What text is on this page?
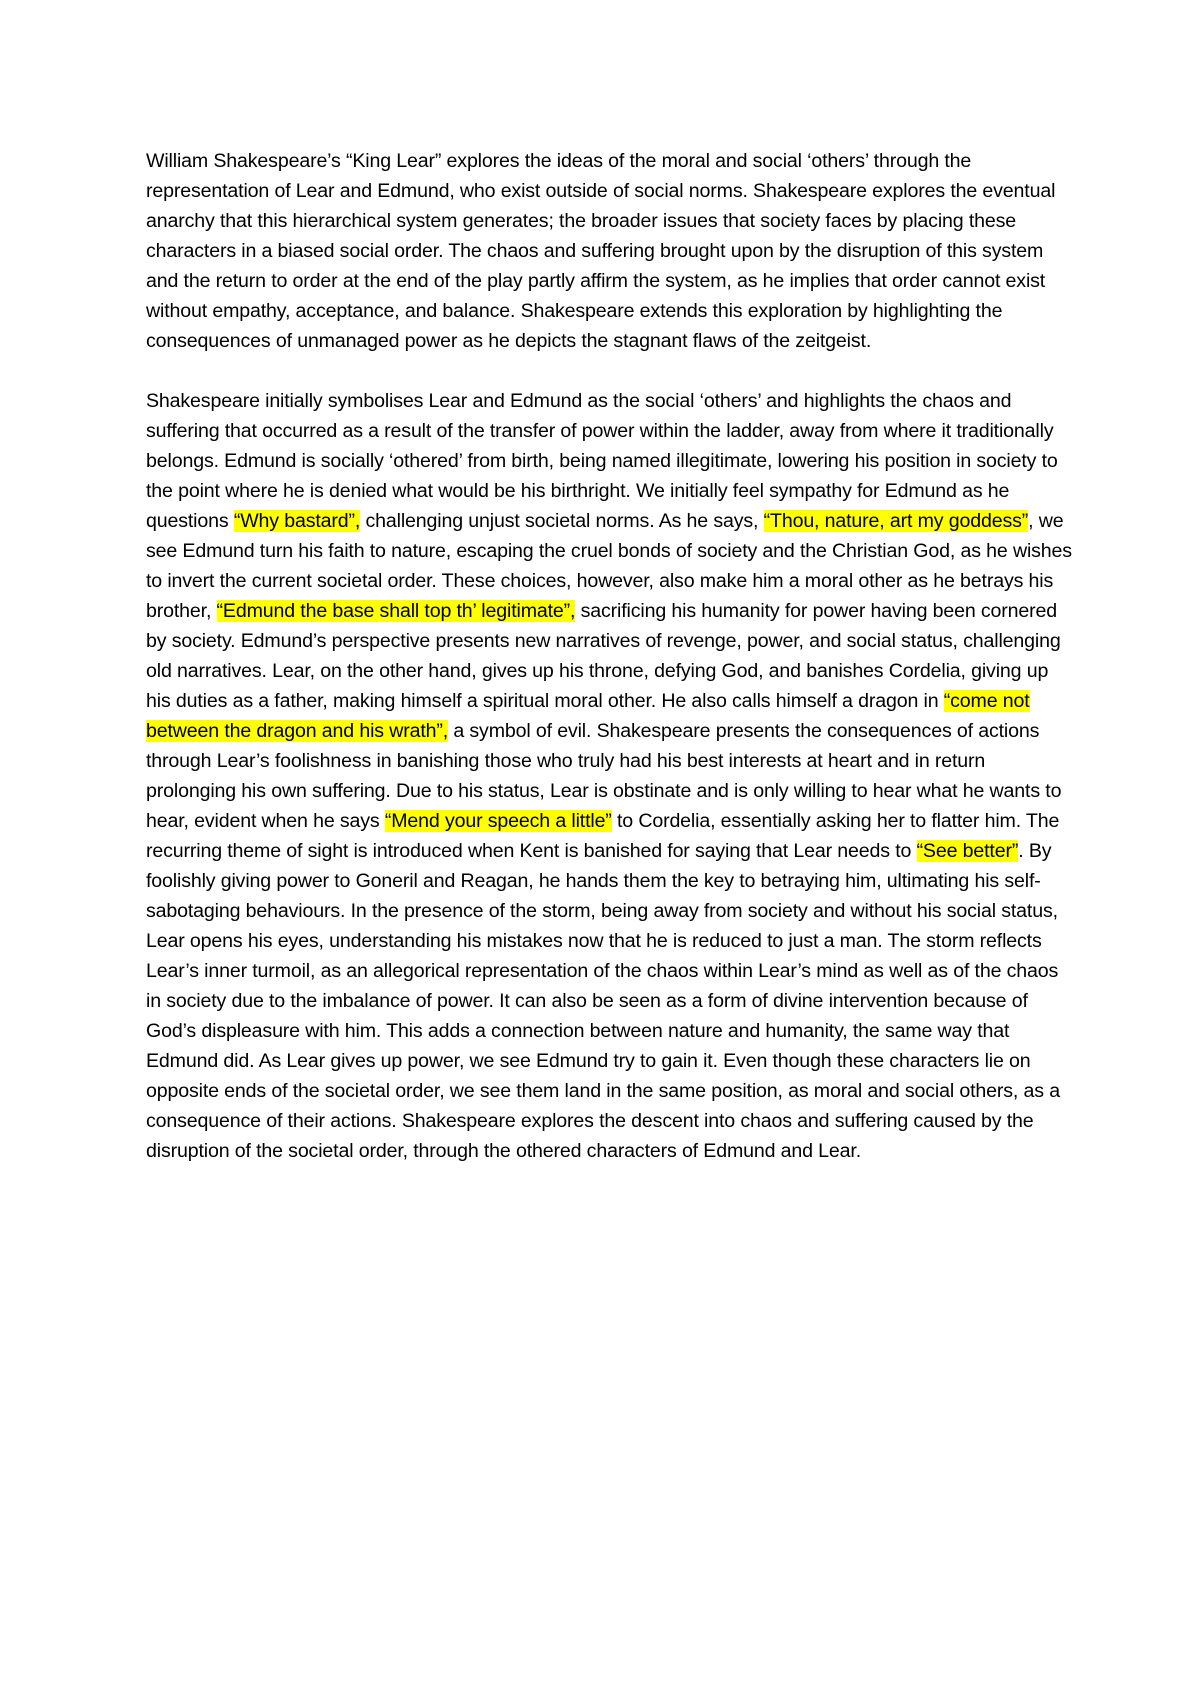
William Shakespeare’s “King Lear” explores the ideas of the moral and social ‘others’ through the representation of Lear and Edmund, who exist outside of social norms. Shakespeare explores the eventual anarchy that this hierarchical system generates; the broader issues that society faces by placing these characters in a biased social order. The chaos and suffering brought upon by the disruption of this system and the return to order at the end of the play partly affirm the system, as he implies that order cannot exist without empathy, acceptance, and balance. Shakespeare extends this exploration by highlighting the consequences of unmanaged power as he depicts the stagnant flaws of the zeitgeist.

Shakespeare initially symbolises Lear and Edmund as the social ‘others’ and highlights the chaos and suffering that occurred as a result of the transfer of power within the ladder, away from where it traditionally belongs. Edmund is socially ‘othered’ from birth, being named illegitimate, lowering his position in society to the point where he is denied what would be his birthright. We initially feel sympathy for Edmund as he questions “Why bastard”, challenging unjust societal norms. As he says, “Thou, nature, art my goddess”, we see Edmund turn his faith to nature, escaping the cruel bonds of society and the Christian God, as he wishes to invert the current societal order. These choices, however, also make him a moral other as he betrays his brother, “Edmund the base shall top th’ legitimate”, sacrificing his humanity for power having been cornered by society. Edmund’s perspective presents new narratives of revenge, power, and social status, challenging old narratives. Lear, on the other hand, gives up his throne, defying God, and banishes Cordelia, giving up his duties as a father, making himself a spiritual moral other. He also calls himself a dragon in “come not between the dragon and his wrath”, a symbol of evil. Shakespeare presents the consequences of actions through Lear’s foolishness in banishing those who truly had his best interests at heart and in return prolonging his own suffering. Due to his status, Lear is obstinate and is only willing to hear what he wants to hear, evident when he says “Mend your speech a little” to Cordelia, essentially asking her to flatter him. The recurring theme of sight is introduced when Kent is banished for saying that Lear needs to “See better”. By foolishly giving power to Goneril and Reagan, he hands them the key to betraying him, ultimating his self-sabotaging behaviours. In the presence of the storm, being away from society and without his social status, Lear opens his eyes, understanding his mistakes now that he is reduced to just a man. The storm reflects Lear’s inner turmoil, as an allegorical representation of the chaos within Lear’s mind as well as of the chaos in society due to the imbalance of power. It can also be seen as a form of divine intervention because of God’s displeasure with him. This adds a connection between nature and humanity, the same way that Edmund did. As Lear gives up power, we see Edmund try to gain it. Even though these characters lie on opposite ends of the societal order, we see them land in the same position, as moral and social others, as a consequence of their actions. Shakespeare explores the descent into chaos and suffering caused by the disruption of the societal order, through the othered characters of Edmund and Lear.
